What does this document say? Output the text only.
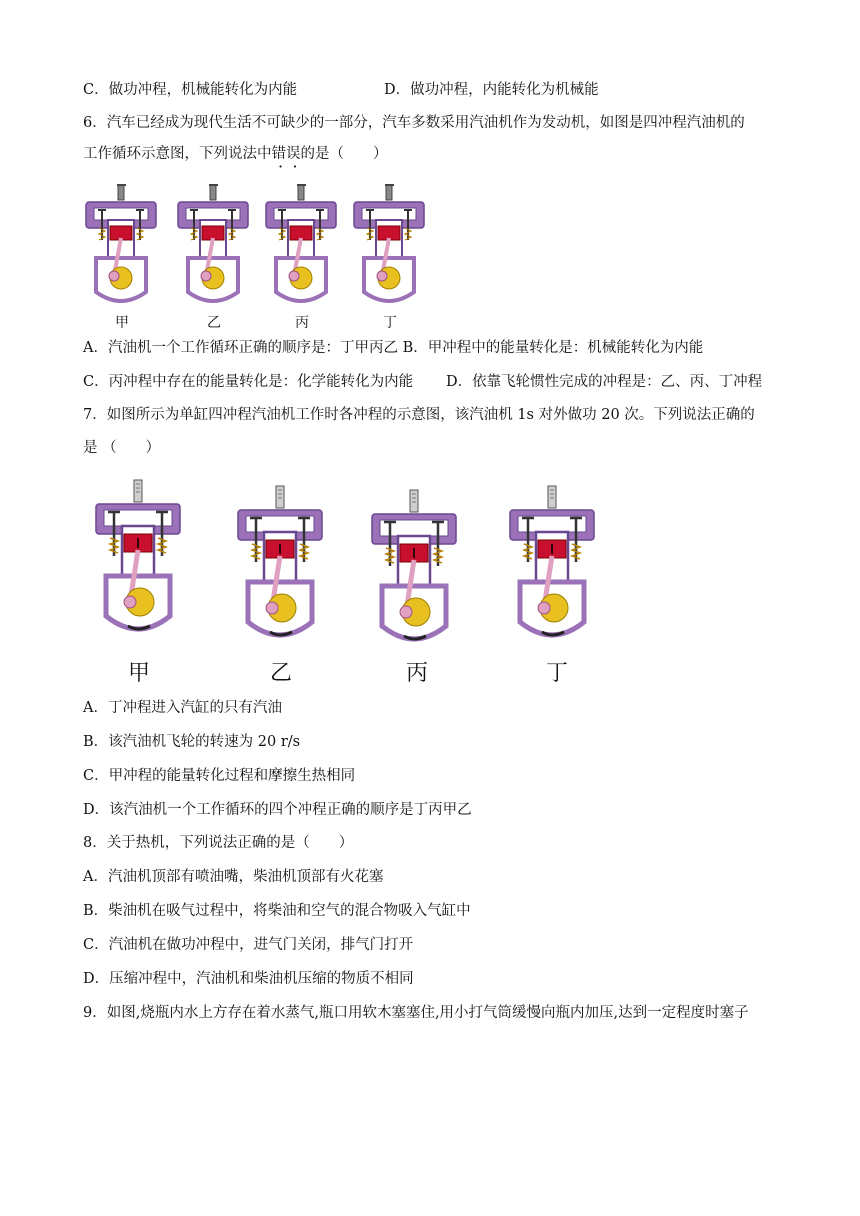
C．做功冲程，机械能转化为内能	D．做功冲程，内能转化为机械能
6．汽车已经成为现代生活不可缺少的一部分，汽车多数采用汽油机作为发动机，如图是四冲程汽油机的
工作循环示意图，下列说法中错误的是（　　）
甲	乙	丙	丁
A．汽油机一个工作循环正确的顺序是：丁甲丙乙 B．甲冲程中的能量转化是：机械能转化为内能
C．丙冲程中存在的能量转化是：化学能转化为内能 D．依靠飞轮惯性完成的冲程是：乙、丙、丁冲程
7．如图所示为单缸四冲程汽油机工作时各冲程的示意图，该汽油机 1s 对外做功 20 次。下列说法正确的
是 （　　）
甲	乙	丙	丁
A．丁冲程进入汽缸的只有汽油
B．该汽油机飞轮的转速为 20 r/s
C．甲冲程的能量转化过程和摩擦生热相同
D．该汽油机一个工作循环的四个冲程正确的顺序是丁丙甲乙
8．关于热机，下列说法正确的是（　　）
A．汽油机顶部有喷油嘴，柴油机顶部有火花塞
B．柴油机在吸气过程中，将柴油和空气的混合物吸入气缸中
C．汽油机在做功冲程中，进气门关闭，排气门打开
D．压缩冲程中，汽油机和柴油机压缩的物质不相同
9．如图,烧瓶内水上方存在着水蒸气,瓶口用软木塞塞住,用小打气筒缓慢向瓶内加压,达到一定程度时塞子
